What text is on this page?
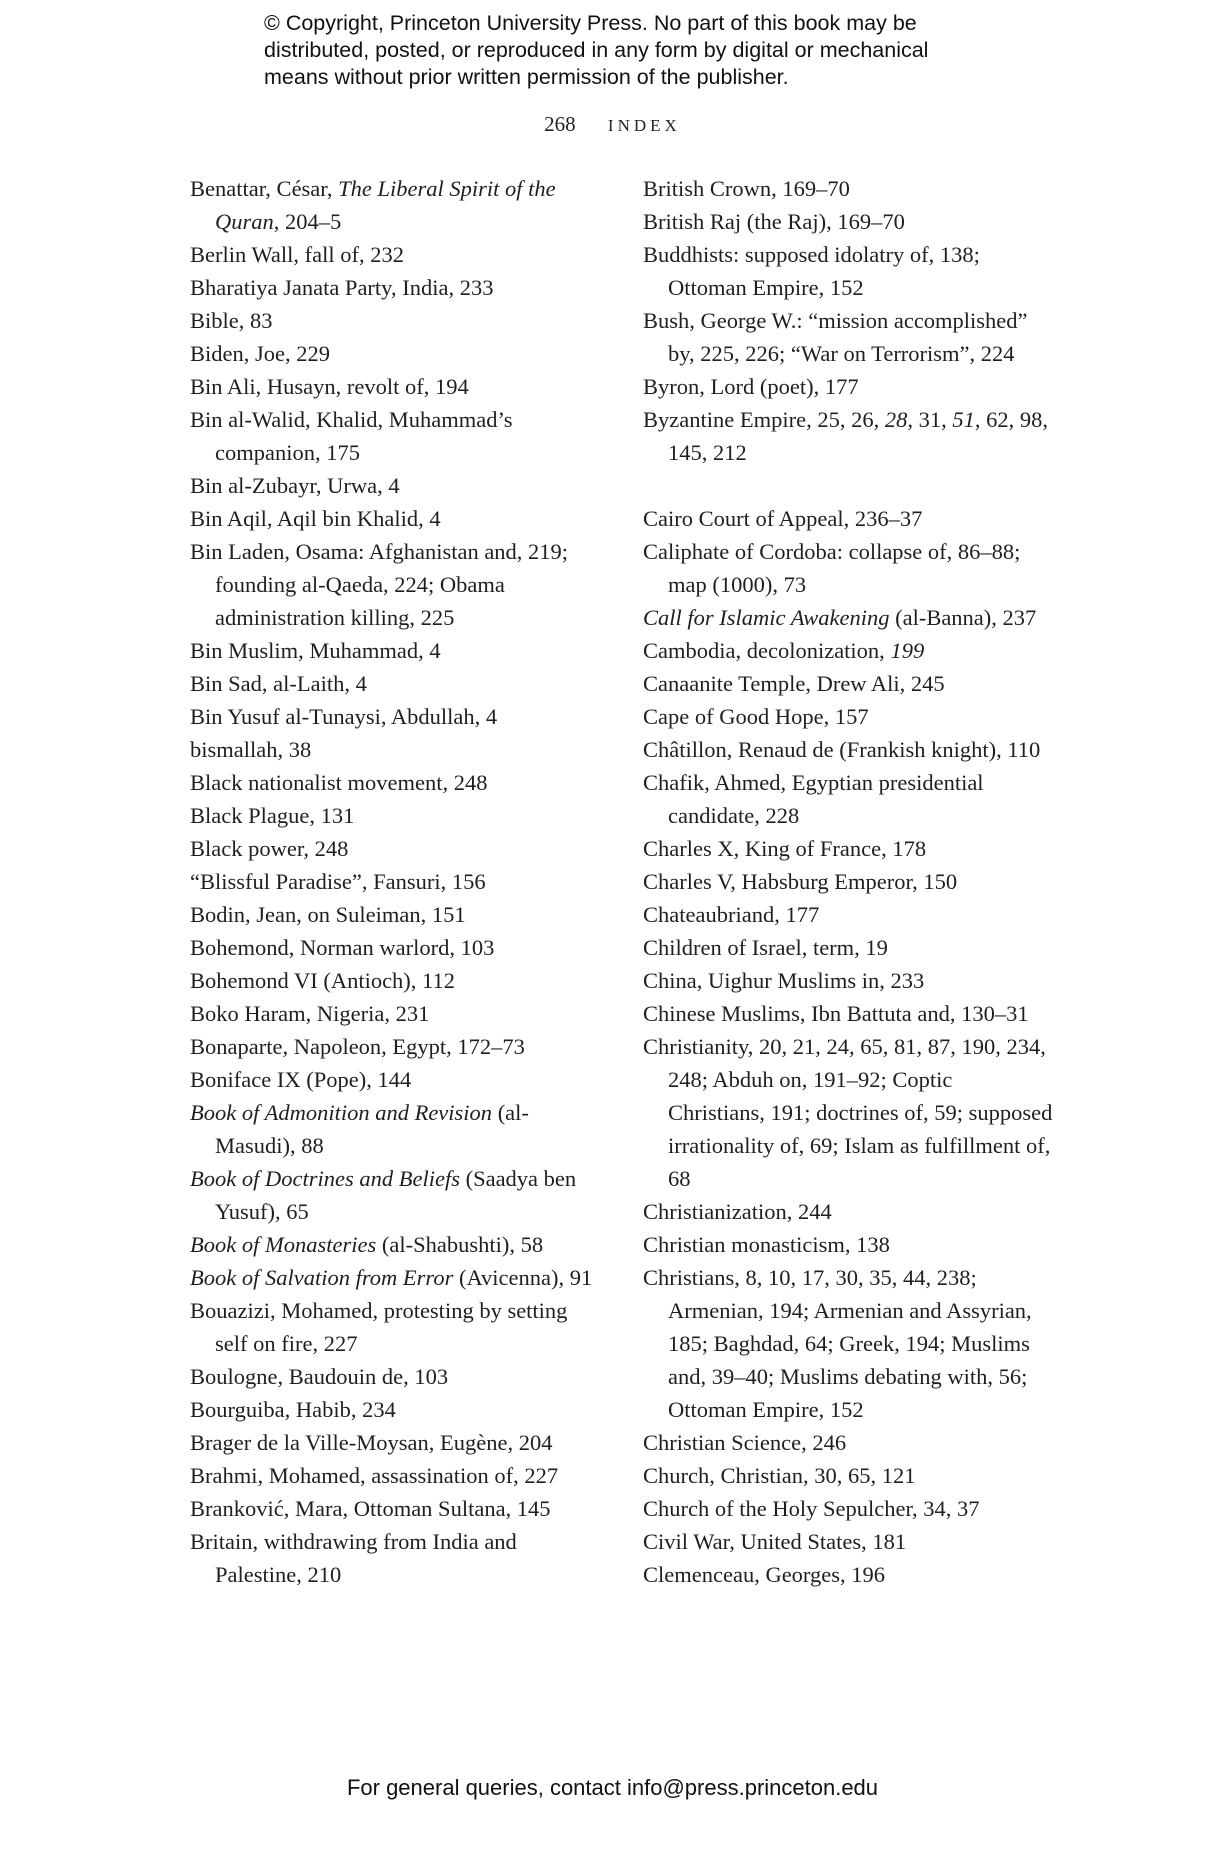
© Copyright, Princeton University Press. No part of this book may be
distributed, posted, or reproduced in any form by digital or mechanical
means without prior written permission of the publisher.
268 INDEX
Benattar, César, The Liberal Spirit of the Quran, 204–5
Berlin Wall, fall of, 232
Bharatiya Janata Party, India, 233
Bible, 83
Biden, Joe, 229
Bin Ali, Husayn, revolt of, 194
Bin al-Walid, Khalid, Muhammad’s companion, 175
Bin al-Zubayr, Urwa, 4
Bin Aqil, Aqil bin Khalid, 4
Bin Laden, Osama: Afghanistan and, 219; founding al-Qaeda, 224; Obama administration killing, 225
Bin Muslim, Muhammad, 4
Bin Sad, al-Laith, 4
Bin Yusuf al-Tunaysi, Abdullah, 4
bismallah, 38
Black nationalist movement, 248
Black Plague, 131
Black power, 248
“Blissful Paradise”, Fansuri, 156
Bodin, Jean, on Suleiman, 151
Bohemond, Norman warlord, 103
Bohemond VI (Antioch), 112
Boko Haram, Nigeria, 231
Bonaparte, Napoleon, Egypt, 172–73
Boniface IX (Pope), 144
Book of Admonition and Revision (al-Masudi), 88
Book of Doctrines and Beliefs (Saadya ben Yusuf), 65
Book of Monasteries (al-Shabushti), 58
Book of Salvation from Error (Avicenna), 91
Bouazizi, Mohamed, protesting by setting self on fire, 227
Boulogne, Baudouin de, 103
Bourguiba, Habib, 234
Brager de la Ville-Moysan, Eugène, 204
Brahmi, Mohamed, assassination of, 227
Branković, Mara, Ottoman Sultana, 145
Britain, withdrawing from India and Palestine, 210
British Crown, 169–70
British Raj (the Raj), 169–70
Buddhists: supposed idolatry of, 138; Ottoman Empire, 152
Bush, George W.: “mission accomplished” by, 225, 226; “War on Terrorism”, 224
Byron, Lord (poet), 177
Byzantine Empire, 25, 26, 28, 31, 51, 62, 98, 145, 212
Cairo Court of Appeal, 236–37
Caliphate of Cordoba: collapse of, 86–88; map (1000), 73
Call for Islamic Awakening (al-Banna), 237
Cambodia, decolonization, 199
Canaanite Temple, Drew Ali, 245
Cape of Good Hope, 157
Châtillon, Renaud de (Frankish knight), 110
Chafik, Ahmed, Egyptian presidential candidate, 228
Charles X, King of France, 178
Charles V, Habsburg Emperor, 150
Chateaubriand, 177
Children of Israel, term, 19
China, Uighur Muslims in, 233
Chinese Muslims, Ibn Battuta and, 130–31
Christianity, 20, 21, 24, 65, 81, 87, 190, 234, 248; Abduh on, 191–92; Coptic Christians, 191; doctrines of, 59; supposed irrationality of, 69; Islam as fulfillment of, 68
Christianization, 244
Christian monasticism, 138
Christians, 8, 10, 17, 30, 35, 44, 238; Armenian, 194; Armenian and Assyrian, 185; Baghdad, 64; Greek, 194; Muslims and, 39–40; Muslims debating with, 56; Ottoman Empire, 152
Christian Science, 246
Church, Christian, 30, 65, 121
Church of the Holy Sepulcher, 34, 37
Civil War, United States, 181
Clemenceau, Georges, 196
For general queries, contact info@press.princeton.edu
